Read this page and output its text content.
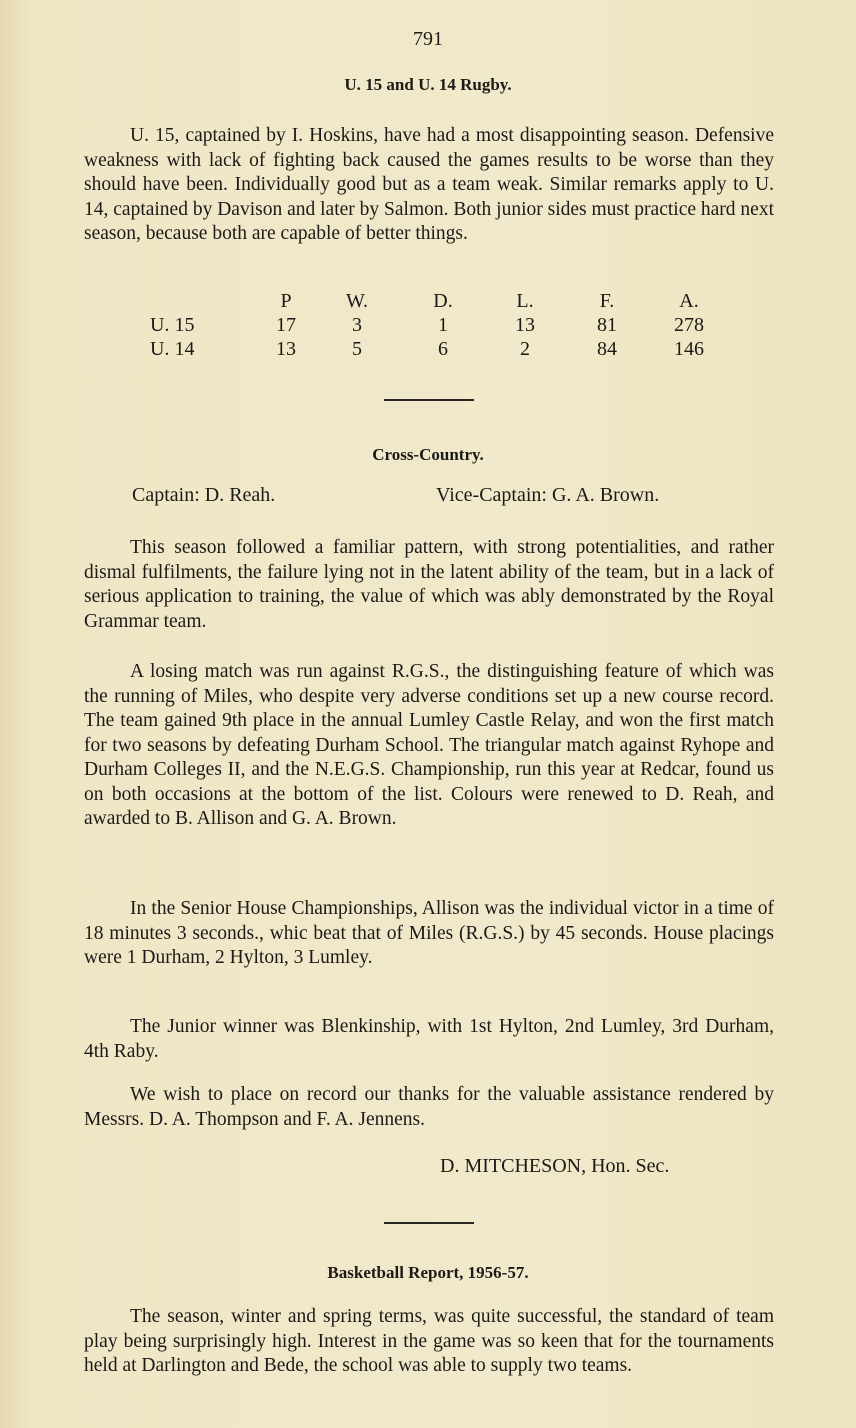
791
U. 15 and U. 14 Rugby.
U. 15, captained by I. Hoskins, have had a most disappointing season. Defensive weakness with lack of fighting back caused the games results to be worse than they should have been. Individually good but as a team weak. Similar remarks apply to U. 14, captained by Davison and later by Salmon. Both junior sides must practice hard next season, because both are capable of better things.
	P	W.	D.	L.	F.	A.
U. 15	17	3	1	13	81	278
U. 14	13	5	6	2	84	146
Cross-Country.
Captain: D. Reah.	Vice-Captain: G. A. Brown.
This season followed a familiar pattern, with strong potentialities, and rather dismal fulfilments, the failure lying not in the latent ability of the team, but in a lack of serious application to training, the value of which was ably demonstrated by the Royal Grammar team.
A losing match was run against R.G.S., the distinguishing feature of which was the running of Miles, who despite very adverse conditions set up a new course record. The team gained 9th place in the annual Lumley Castle Relay, and won the first match for two seasons by defeating Durham School. The triangular match against Ryhope and Durham Colleges II, and the N.E.G.S. Championship, run this year at Redcar, found us on both occasions at the bottom of the list. Colours were renewed to D. Reah, and awarded to B. Allison and G. A. Brown.
In the Senior House Championships, Allison was the individual victor in a time of 18 minutes 3 seconds., whic beat that of Miles (R.G.S.) by 45 seconds. House placings were 1 Durham, 2 Hylton, 3 Lumley.
The Junior winner was Blenkinship, with 1st Hylton, 2nd Lumley, 3rd Durham, 4th Raby.
We wish to place on record our thanks for the valuable assistance rendered by Messrs. D. A. Thompson and F. A. Jennens.
D. MITCHESON, Hon. Sec.
Basketball Report, 1956-57.
The season, winter and spring terms, was quite successful, the standard of team play being surprisingly high. Interest in the game was so keen that for the tournaments held at Darlington and Bede, the school was able to supply two teams.
